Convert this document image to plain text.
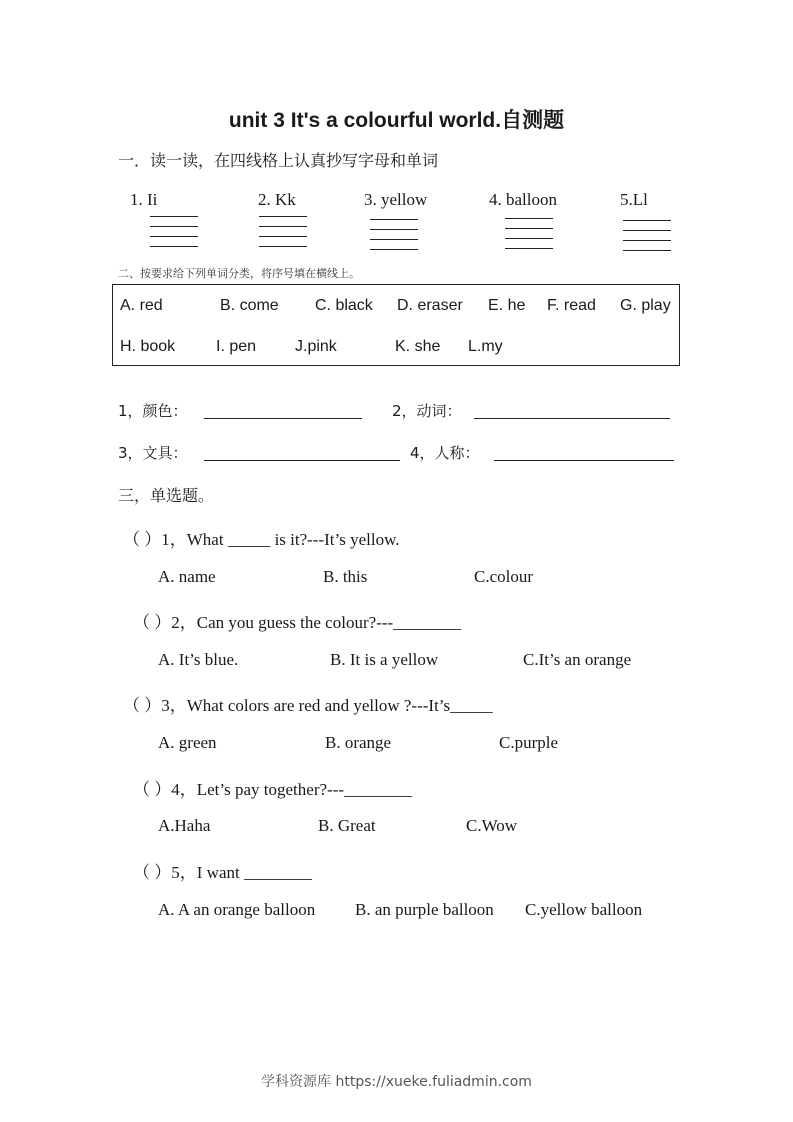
unit 3 It's a colourful world.自测题
一．读一读，在四线格上认真抄写字母和单词
1. Ii	2. Kk	3. yellow	4. balloon	5.Ll
二、按要求给下列单词分类，将序号填在横线上。
A. red	B. come C. black D. eraser E. he F. read G. play
H. book	I. pen J.pink	K. she L.my
1，颜色：	2，动词：
3，文具：	4，人称：
三，单选题。
（ ）1，What _____ is it?---It’s yellow.
A. name	B. this	C.colour
（ ）2，Can you guess the colour?---________
A. It’s blue.	B. It is a yellow	C.It’s an orange
（ ）3，What colors are red and yellow ?---It’s_____
A. green	B. orange	C.purple
（ ）4，Let’s pay together?---________
A.Haha	B. Great	C.Wow
（ ）5，I want ________
A. A an orange balloon B. an purple balloon C.yellow balloon
学科资源库 https://xueke.fuliadmin.com
